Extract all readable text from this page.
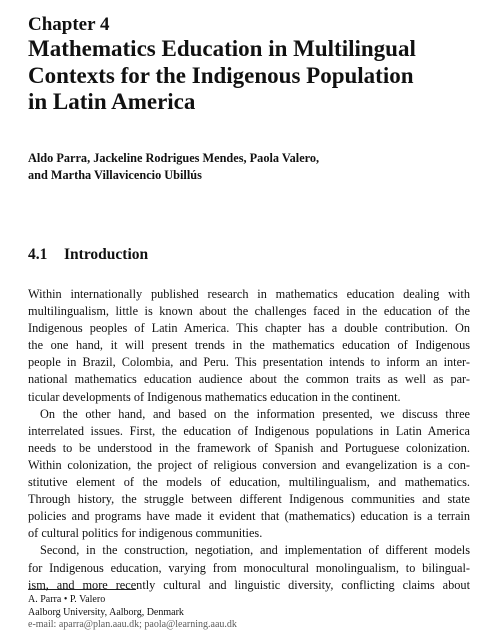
Chapter 4
Mathematics Education in Multilingual
Contexts for the Indigenous Population
in Latin America
Aldo Parra, Jackeline Rodrigues Mendes, Paola Valero,
and Martha Villavicencio Ubillús
4.1 Introduction
Within internationally published research in mathematics education dealing with
multilingualism, little is known about the challenges faced in the education of the
Indigenous peoples of Latin America. This chapter has a double contribution. On
the one hand, it will present trends in the mathematics education of Indigenous
people in Brazil, Colombia, and Peru. This presentation intends to inform an inter-
national mathematics education audience about the common traits as well as par-
ticular developments of Indigenous mathematics education in the continent.
On the other hand, and based on the information presented, we discuss three
interrelated issues. First, the education of Indigenous populations in Latin America
needs to be understood in the framework of Spanish and Portuguese colonization.
Within colonization, the project of religious conversion and evangelization is a con-
stitutive element of the models of education, multilingualism, and mathematics.
Through history, the struggle between different Indigenous communities and state
policies and programs have made it evident that (mathematics) education is a terrain
of cultural politics for indigenous communities.
Second, in the construction, negotiation, and implementation of different models
for Indigenous education, varying from monocultural monolingualism, to bilingual-
ism, and more recently cultural and linguistic diversity, conflicting claims about
A. Parra • P. Valero
Aalborg University, Aalborg, Denmark
e-mail: aparra@plan.aau.dk; paola@learning.aau.dk
